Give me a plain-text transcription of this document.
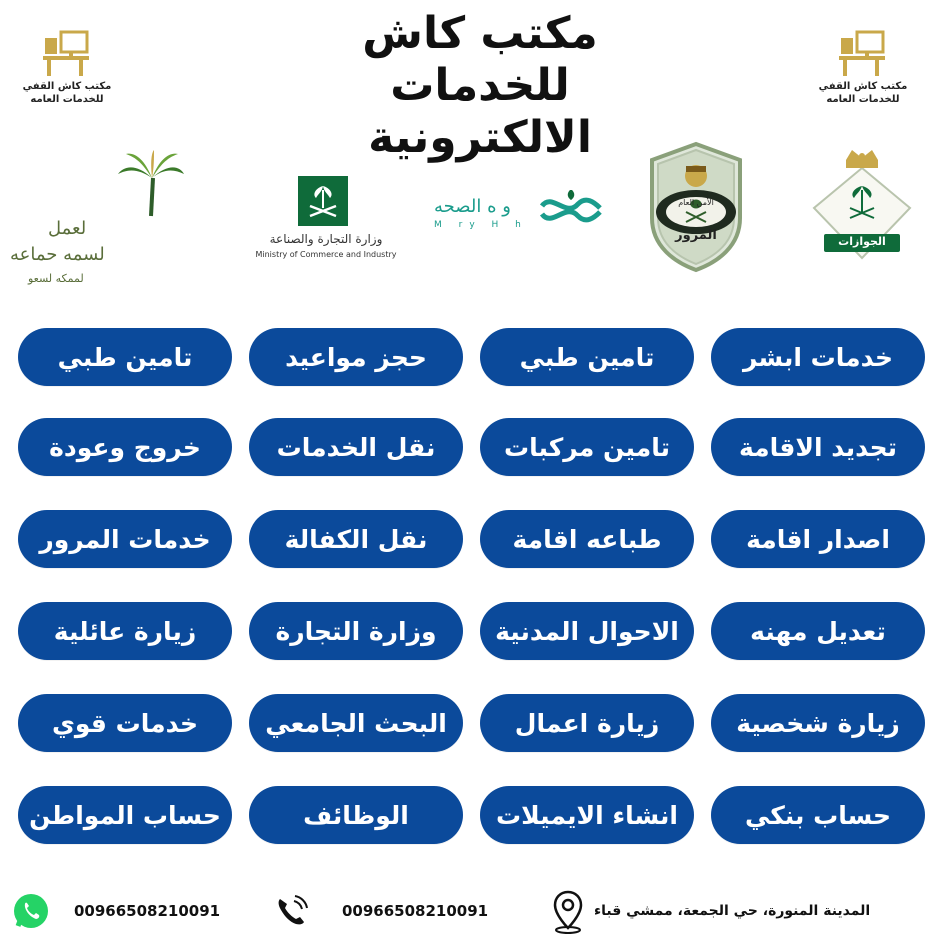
مكتب كاش للخدمات
الالكترونية
مكتب كاش القفي
للخدمات العامه
مكتب كاش القفي
للخدمات العامه
لعمل
لسمه حماعه
لممكه لسعو
وزارة التجارة والصناعة
Ministry of Commerce and Industry
و ه الصحه
M ry H h
الأمن العام
المرور	الجوازات
خدمات ابشر
تامين طبي
حجز مواعيد
تامين طبي
تجديد الاقامة
تامين مركبات
نقل الخدمات
خروج وعودة
اصدار اقامة
طباعه اقامة
نقل الكفالة
خدمات المرور
تعديل مهنه
الاحوال المدنية
وزارة التجارة
زيارة عائلية
زيارة شخصية
زيارة اعمال
البحث الجامعي
خدمات قوي
حساب بنكي
انشاء الايميلات
الوظائف
حساب المواطن
00966508210091	00966508210091	المدينة المنورة، حي الجمعة، ممشي قباء
